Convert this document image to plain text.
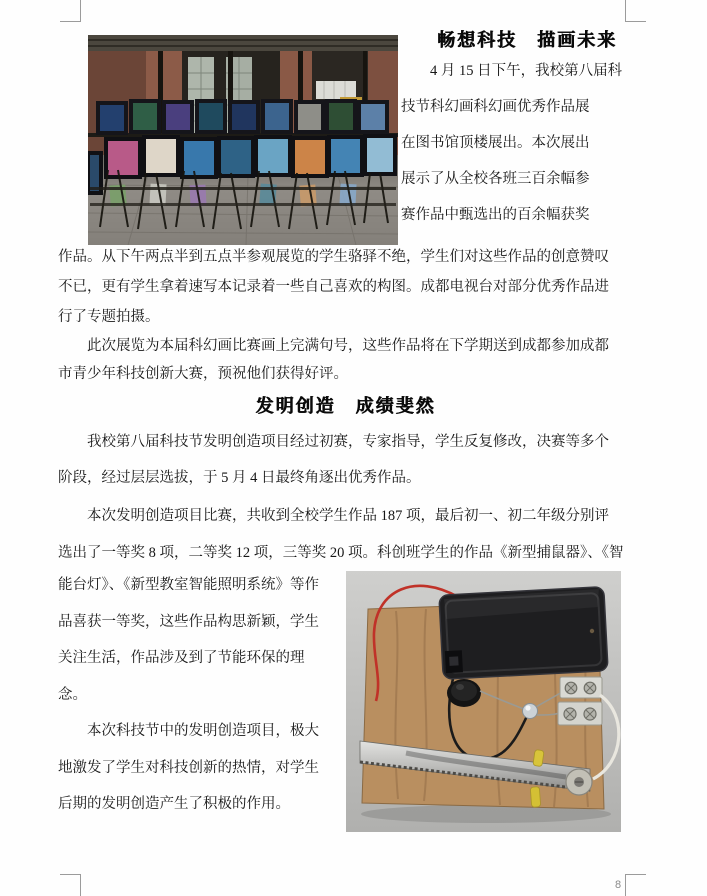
畅想科技　描画未来
　　4 月 15 日下午，我校第八届科
技节科幻画科幻画优秀作品展
在图书馆顶楼展出。本次展出
展示了从全校各班三百余幅参
赛作品中甄选出的百余幅获奖
作品。从下午两点半到五点半参观展览的学生骆驿不绝，学生们对这些作品的创意赞叹
不已，更有学生拿着速写本记录着一些自己喜欢的构图。成都电视台对部分优秀作品进
行了专题拍摄。
　　此次展览为本届科幻画比赛画上完满句号，这些作品将在下学期送到成都参加成都
市青少年科技创新大赛，预祝他们获得好评。
发明创造　成绩斐然
　　我校第八届科技节发明创造项目经过初赛，专家指导，学生反复修改，决赛等多个
阶段，经过层层选拔，于 5 月 4 日最终角逐出优秀作品。
　　本次发明创造项目比赛，共收到全校学生作品 187 项，最后初一、初二年级分别评
选出了一等奖 8 项，二等奖 12 项，三等奖 20 项。科创班学生的作品《新型捕鼠器》、《智
能台灯》、《新型教室智能照明系统》等作
品喜获一等奖，这些作品构思新颖，学生
关注生活，作品涉及到了节能环保的理
念。
　　本次科技节中的发明创造项目，极大
地激发了学生对科技创新的热情，对学生
后期的发明创造产生了积极的作用。
8
